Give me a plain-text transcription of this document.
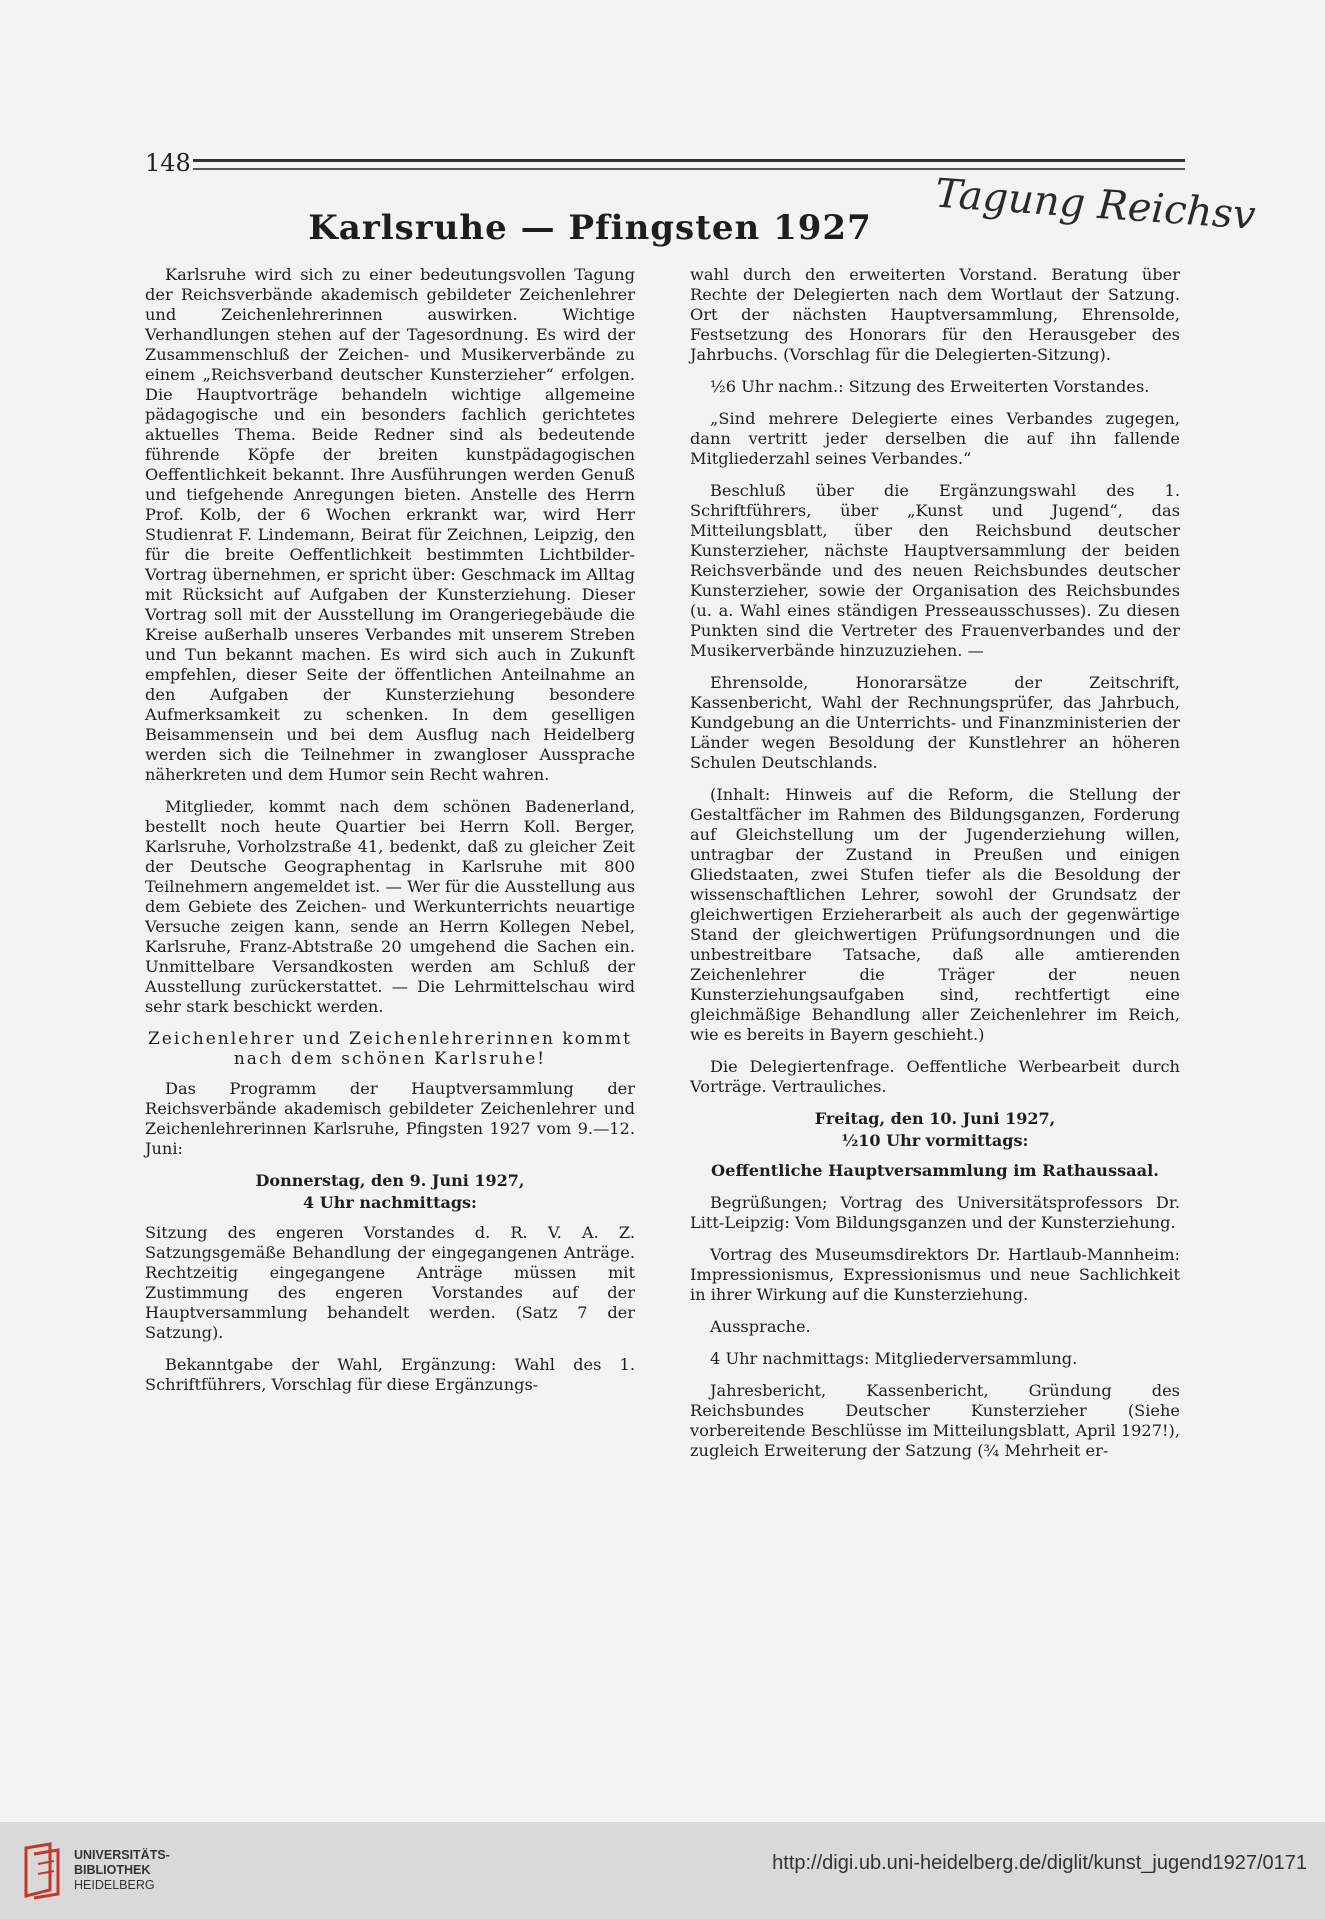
148
Karlsruhe — Pfingsten 1927	Tagung Reichsv

Karlsruhe wird sich zu einer bedeutungsvollen Tagung der Reichsverbände akademisch gebildeter Zeichenlehrer und Zeichenlehrerinnen auswirken. Wichtige Verhandlungen stehen auf der Tagesordnung. Es wird der Zusammenschluß der Zeichen- und Musikerverbände zu einem „Reichsverband deutscher Kunsterzieher“ erfolgen. Die Hauptvorträge behandeln wichtige allgemeine pädagogische und ein besonders fachlich gerichtetes aktuelles Thema. Beide Redner sind als bedeutende führende Köpfe der breiten kunstpädagogischen Oeffentlichkeit bekannt. Ihre Ausführungen werden Genuß und tiefgehende Anregungen bieten. Anstelle des Herrn Prof. Kolb, der 6 Wochen erkrankt war, wird Herr Studienrat F. Lindemann, Beirat für Zeichnen, Leipzig, den für die breite Oeffentlichkeit bestimmten Lichtbilder-Vortrag übernehmen, er spricht über: Geschmack im Alltag mit Rücksicht auf Aufgaben der Kunsterziehung. Dieser Vortrag soll mit der Ausstellung im Orangeriegebäude die Kreise außerhalb unseres Verbandes mit unserem Streben und Tun bekannt machen. Es wird sich auch in Zukunft empfehlen, dieser Seite der öffentlichen Anteilnahme an den Aufgaben der Kunsterziehung besondere Aufmerksamkeit zu schenken. In dem geselligen Beisammensein und bei dem Ausflug nach Heidelberg werden sich die Teilnehmer in zwangloser Aussprache näherkreten und dem Humor sein Recht wahren.

Mitglieder, kommt nach dem schönen Badenerland, bestellt noch heute Quartier bei Herrn Koll. Berger, Karlsruhe, Vorholzstraße 41, bedenkt, daß zu gleicher Zeit der Deutsche Geographentag in Karlsruhe mit 800 Teilnehmern angemeldet ist. — Wer für die Ausstellung aus dem Gebiete des Zeichen- und Werkunterrichts neuartige Versuche zeigen kann, sende an Herrn Kollegen Nebel, Karlsruhe, Franz-Abtstraße 20 umgehend die Sachen ein. Unmittelbare Versandkosten werden am Schluß der Ausstellung zurückerstattet. — Die Lehrmittelschau wird sehr stark beschickt werden.

Zeichenlehrer und Zeichenlehrerinnen kommt nach dem schönen Karlsruhe!

Das Programm der Hauptversammlung der Reichsverbände akademisch gebildeter Zeichenlehrer und Zeichenlehrerinnen Karlsruhe, Pfingsten 1927 vom 9.—12. Juni:

Donnerstag, den 9. Juni 1927,
4 Uhr nachmittags:

Sitzung des engeren Vorstandes d. R. V. A. Z. Satzungsgemäße Behandlung der eingegangenen Anträge. Rechtzeitig eingegangene Anträge müssen mit Zustimmung des engeren Vorstandes auf der Hauptversammlung behandelt werden. (Satz 7 der Satzung).

Bekanntgabe der Wahl, Ergänzung: Wahl des 1. Schriftführers, Vorschlag für diese Ergänzungs-

wahl durch den erweiterten Vorstand. Beratung über Rechte der Delegierten nach dem Wortlaut der Satzung. Ort der nächsten Hauptversammlung, Ehrensolde, Festsetzung des Honorars für den Herausgeber des Jahrbuchs. (Vorschlag für die Delegierten-Sitzung).

½6 Uhr nachm.: Sitzung des Erweiterten Vorstandes.

„Sind mehrere Delegierte eines Verbandes zugegen, dann vertritt jeder derselben die auf ihn fallende Mitgliederzahl seines Verbandes.“

Beschluß über die Ergänzungswahl des 1. Schriftführers, über „Kunst und Jugend“, das Mitteilungsblatt, über den Reichsbund deutscher Kunsterzieher, nächste Hauptversammlung der beiden Reichsverbände und des neuen Reichsbundes deutscher Kunsterzieher, sowie der Organisation des Reichsbundes (u. a. Wahl eines ständigen Presseausschusses). Zu diesen Punkten sind die Vertreter des Frauenverbandes und der Musikerverbände hinzuzuziehen. —

Ehrensolde, Honorarsätze der Zeitschrift, Kassenbericht, Wahl der Rechnungsprüfer, das Jahrbuch, Kundgebung an die Unterrichts- und Finanzministerien der Länder wegen Besoldung der Kunstlehrer an höheren Schulen Deutschlands.

(Inhalt: Hinweis auf die Reform, die Stellung der Gestaltfächer im Rahmen des Bildungsganzen, Forderung auf Gleichstellung um der Jugenderziehung willen, untragbar der Zustand in Preußen und einigen Gliedstaaten, zwei Stufen tiefer als die Besoldung der wissenschaftlichen Lehrer, sowohl der Grundsatz der gleichwertigen Erzieherarbeit als auch der gegenwärtige Stand der gleichwertigen Prüfungsordnungen und die unbestreitbare Tatsache, daß alle amtierenden Zeichenlehrer die Träger der neuen Kunsterziehungsaufgaben sind, rechtfertigt eine gleichmäßige Behandlung aller Zeichenlehrer im Reich, wie es bereits in Bayern geschieht.)

Die Delegiertenfrage. Oeffentliche Werbearbeit durch Vorträge. Vertrauliches.

Freitag, den 10. Juni 1927,
½10 Uhr vormittags:

Oeffentliche Hauptversammlung im Rathaussaal.

Begrüßungen; Vortrag des Universitätsprofessors Dr. Litt-Leipzig: Vom Bildungsganzen und der Kunsterziehung.

Vortrag des Museumsdirektors Dr. Hartlaub-Mannheim: Impressionismus, Expressionismus und neue Sachlichkeit in ihrer Wirkung auf die Kunsterziehung.

Aussprache.

4 Uhr nachmittags: Mitgliederversammlung.

Jahresbericht, Kassenbericht, Gründung des Reichsbundes Deutscher Kunsterzieher (Siehe vorbereitende Beschlüsse im Mitteilungsblatt, April 1927!), zugleich Erweiterung der Satzung (¾ Mehrheit er-

UNIVERSITÄTS-
BIBLIOTHEK
HEIDELBERG
http://digi.ub.uni-heidelberg.de/diglit/kunst_jugend1927/0171
